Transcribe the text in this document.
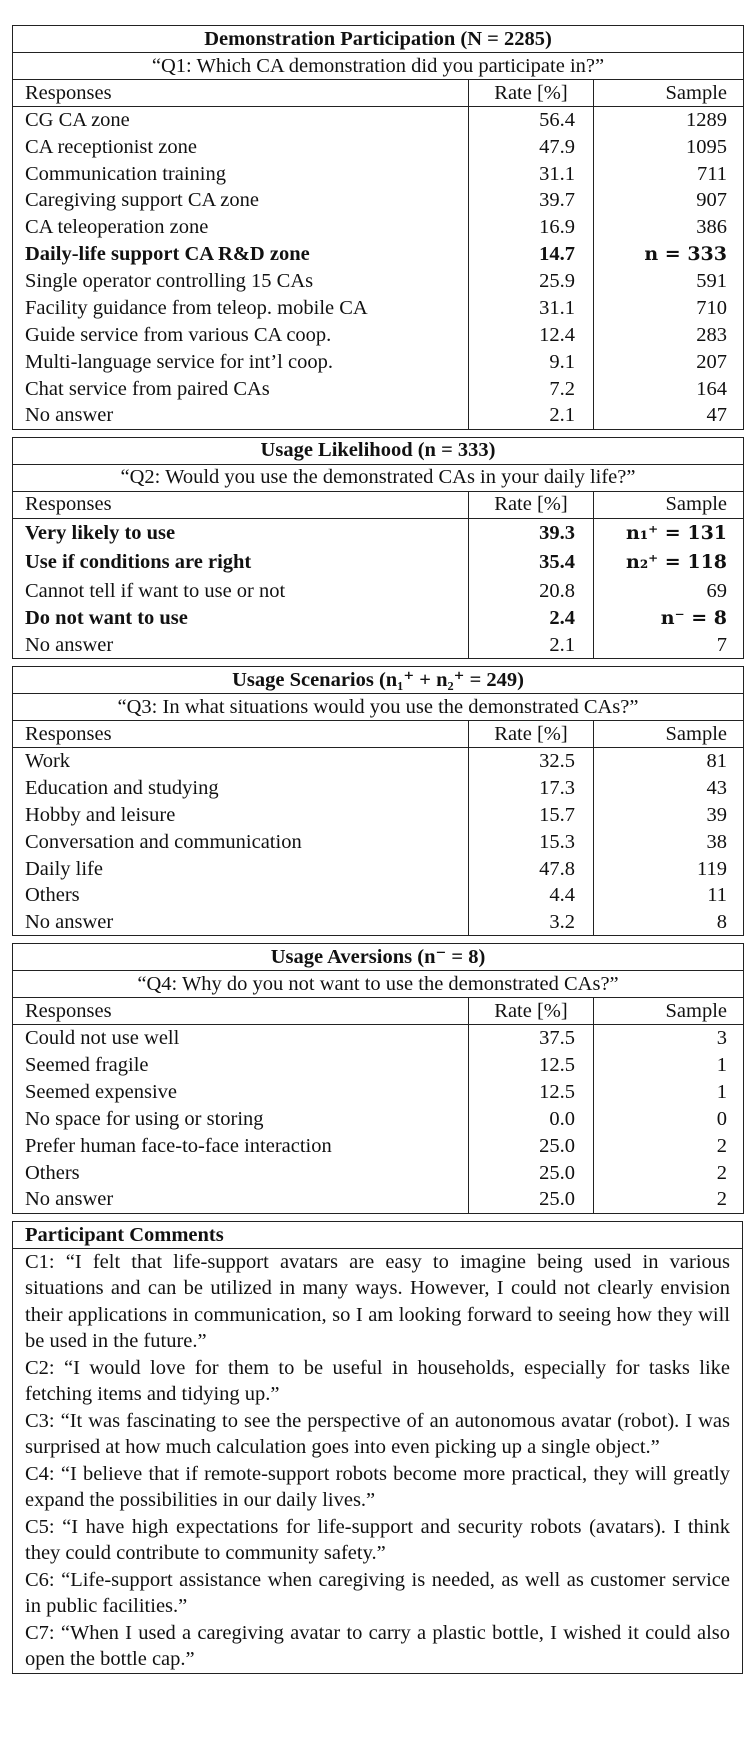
Demonstration Participation (N = 2285)		
“Q1: Which CA demonstration did you participate in?”		
Responses	Rate [%]	Sample
CG CA zone	56.4	1289
CA receptionist zone	47.9	1095
Communication training	31.1	711
Caregiving support CA zone	39.7	907
CA teleoperation zone	16.9	386
Daily-life support CA R&D zone	14.7	n = 333
Single operator controlling 15 CAs	25.9	591
Facility guidance from teleop. mobile CA	31.1	710
Guide service from various CA coop.	12.4	283
Multi-language service for int’l coop.	9.1	207
Chat service from paired CAs	7.2	164
No answer	2.1	47
Usage Likelihood (n = 333)		
“Q2: Would you use the demonstrated CAs in your daily life?”		
Responses	Rate [%]	Sample
Very likely to use	39.3	n₁⁺ = 131
Use if conditions are right	35.4	n₂⁺ = 118
Cannot tell if want to use or not	20.8	69
Do not want to use	2.4	n⁻ = 8
No answer	2.1	7
Usage Scenarios (n₁⁺ + n₂⁺ = 249)		
“Q3: In what situations would you use the demonstrated CAs?”		
Responses	Rate [%]	Sample
Work	32.5	81
Education and studying	17.3	43
Hobby and leisure	15.7	39
Conversation and communication	15.3	38
Daily life	47.8	119
Others	4.4	11
No answer	3.2	8
Usage Aversions (n⁻ = 8)		
“Q4: Why do you not want to use the demonstrated CAs?”		
Responses	Rate [%]	Sample
Could not use well	37.5	3
Seemed fragile	12.5	1
Seemed expensive	12.5	1
No space for using or storing	0.0	0
Prefer human face-to-face interaction	25.0	2
Others	25.0	2
No answer	25.0	2
Participant Comments

C1: “I felt that life-support avatars are easy to imagine being used in various situations and can be utilized in many ways. However, I could not clearly envision their applications in communication, so I am looking forward to seeing how they will be used in the future.”

C2: “I would love for them to be useful in households, especially for tasks like fetching items and tidying up.”

C3: “It was fascinating to see the perspective of an autonomous avatar (robot). I was surprised at how much calculation goes into even picking up a single object.”

C4: “I believe that if remote-support robots become more practical, they will greatly expand the possibilities in our daily lives.”

C5: “I have high expectations for life-support and security robots (avatars). I think they could contribute to community safety.”

C6: “Life-support assistance when caregiving is needed, as well as customer service in public facilities.”

C7: “When I used a caregiving avatar to carry a plastic bottle, I wished it could also open the bottle cap.”
